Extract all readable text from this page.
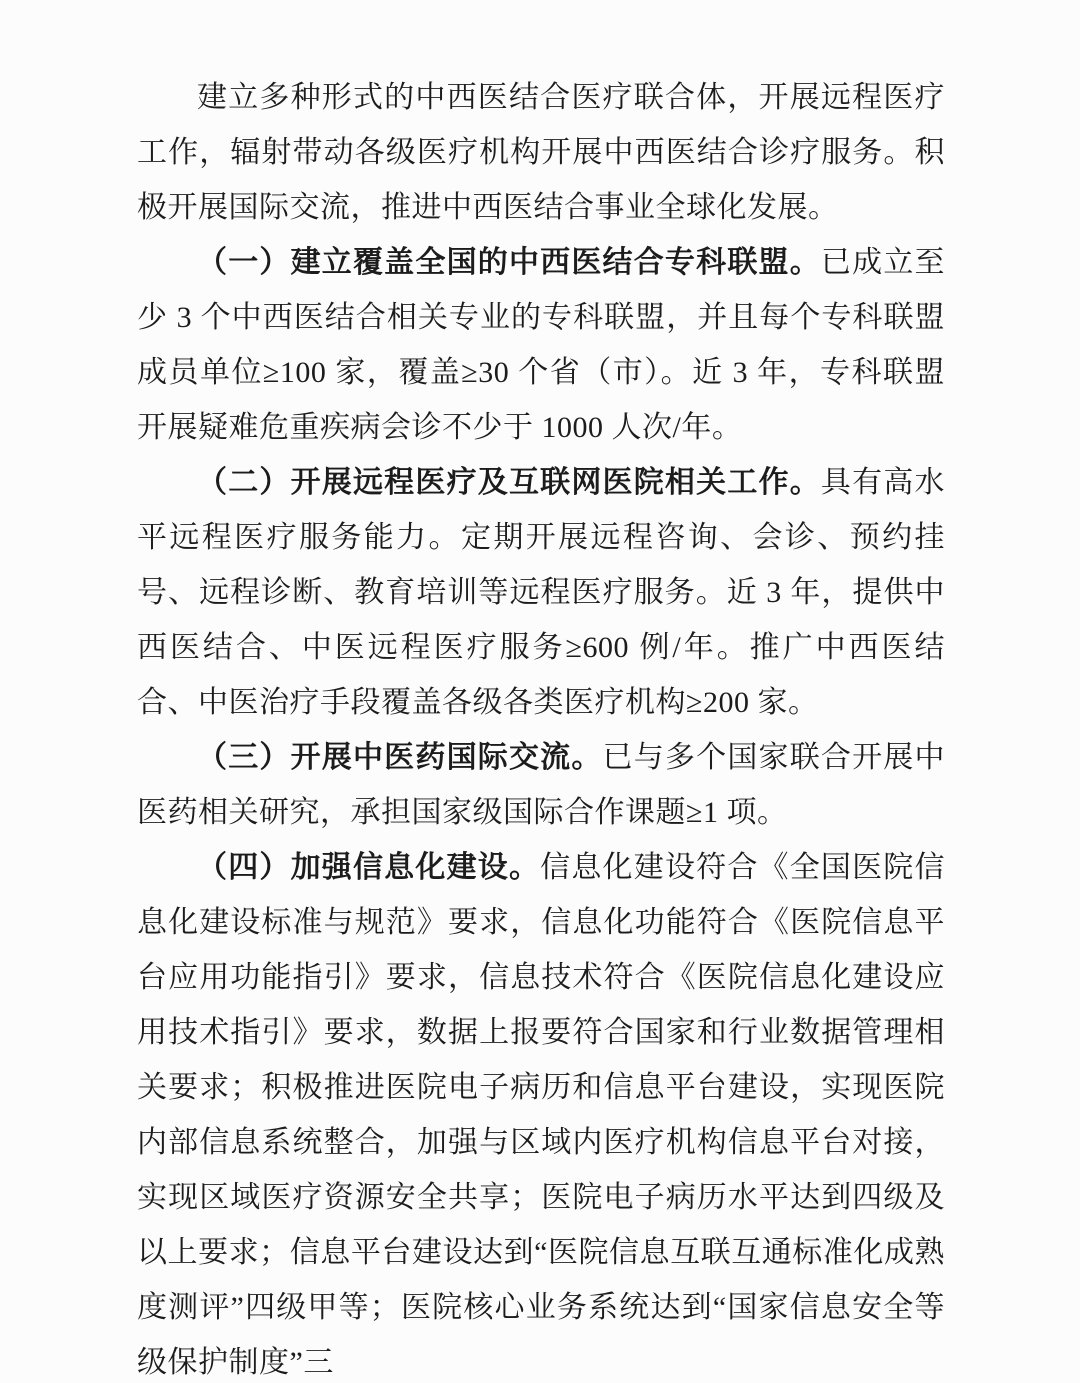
建立多种形式的中西医结合医疗联合体，开展远程医疗工作，辐射带动各级医疗机构开展中西医结合诊疗服务。积极开展国际交流，推进中西医结合事业全球化发展。

（一）建立覆盖全国的中西医结合专科联盟。已成立至少 3 个中西医结合相关专业的专科联盟，并且每个专科联盟成员单位≥100 家，覆盖≥30 个省（市）。近 3 年，专科联盟开展疑难危重疾病会诊不少于 1000 人次/年。

（二）开展远程医疗及互联网医院相关工作。具有高水平远程医疗服务能力。定期开展远程咨询、会诊、预约挂号、远程诊断、教育培训等远程医疗服务。近 3 年，提供中西医结合、中医远程医疗服务≥600 例/年。推广中西医结合、中医治疗手段覆盖各级各类医疗机构≥200 家。

（三）开展中医药国际交流。已与多个国家联合开展中医药相关研究，承担国家级国际合作课题≥1 项。

（四）加强信息化建设。信息化建设符合《全国医院信息化建设标准与规范》要求，信息化功能符合《医院信息平台应用功能指引》要求，信息技术符合《医院信息化建设应用技术指引》要求，数据上报要符合国家和行业数据管理相关要求；积极推进医院电子病历和信息平台建设，实现医院内部信息系统整合，加强与区域内医疗机构信息平台对接，实现区域医疗资源安全共享；医院电子病历水平达到四级及以上要求；信息平台建设达到“医院信息互联互通标准化成熟度测评”四级甲等；医院核心业务系统达到“国家信息安全等级保护制度”三
